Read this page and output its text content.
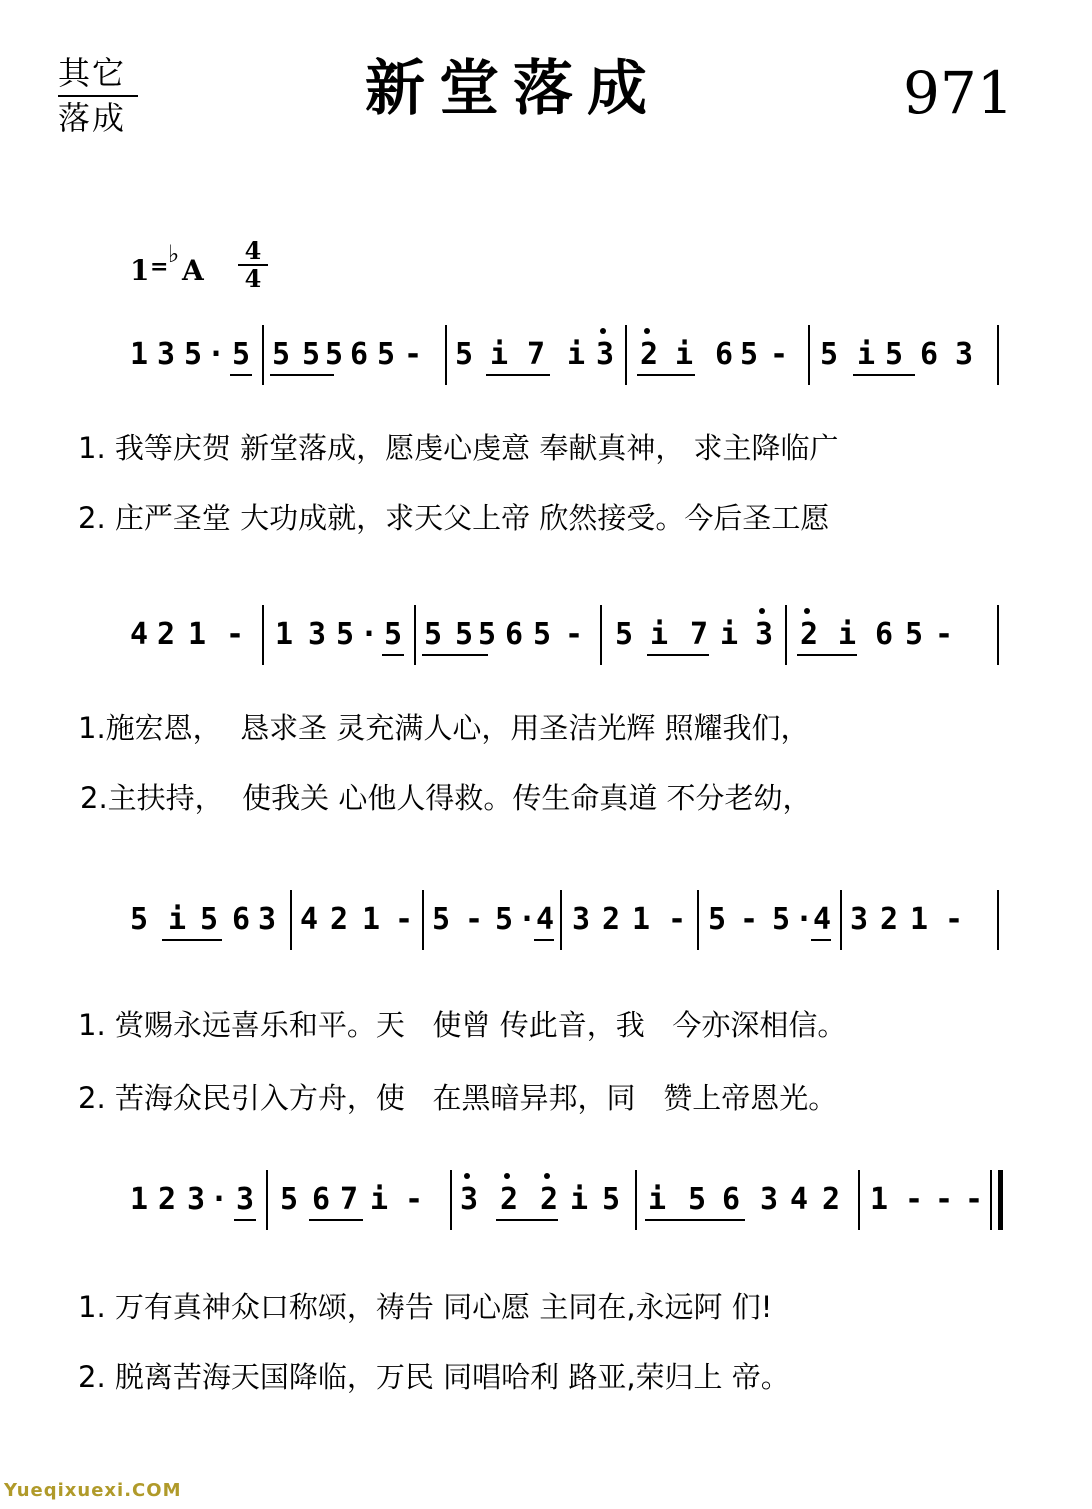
其它
落成	新堂落成	971
1 = ♭ A
4
4
1 3 5 · 5 5 5 5 6 5 - 5 i 7 i 3 2 i 6 5 - 5 i 5 6 3
1. 我等庆贺 新堂落成，愿虔心虔意 奉献真神， 求主降临广
2. 庄严圣堂 大功成就，求天父上帝 欣然接受。今后圣工愿
4 2 1 - 1 3 5 · 5 5 5 5 6 5 - 5 i 7 i 3 2 i 6 5 -
1.施宏恩，  恳求圣 灵充满人心，用圣洁光辉 照耀我们，
2.主扶持，  使我关 心他人得救。传生命真道 不分老幼，
5 i 5 6 3 4 2 1 - 5 - 5 · 4 3 2 1 - 5 - 5 · 4 3 2 1 -
1. 赏赐永远喜乐和平。天   使曾 传此音，我   今亦深相信。
2. 苦海众民引入方舟，使   在黑暗异邦，同   赞上帝恩光。
1 2 3 · 3 5 6 7 i - 3 2 2 i 5 i 5 6 3 4 2 1 - - -
1. 万有真神众口称颂，祷告 同心愿 主同在,永远阿 们!
2. 脱离苦海天国降临，万民 同唱哈利 路亚,荣归上 帝。
Yueqixuexi.COM
